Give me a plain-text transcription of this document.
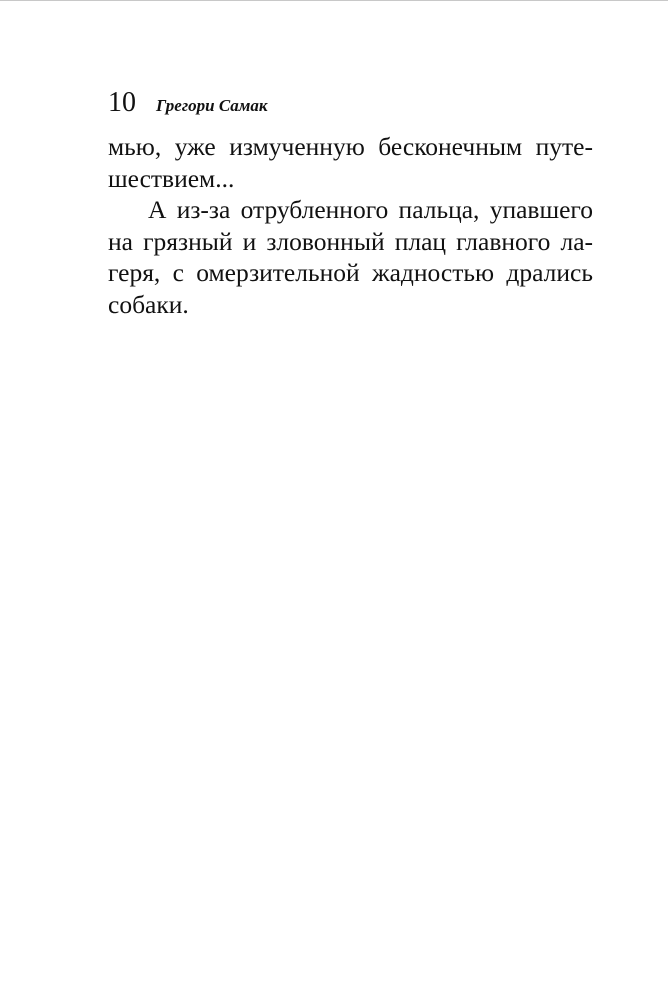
10 Грегори Самак
мью, уже измученную бесконечным путе-
шествием...
А из-за отрубленного пальца, упавшего
на грязный и зловонный плац главного ла-
геря, с омерзительной жадностью дрались
собаки.
